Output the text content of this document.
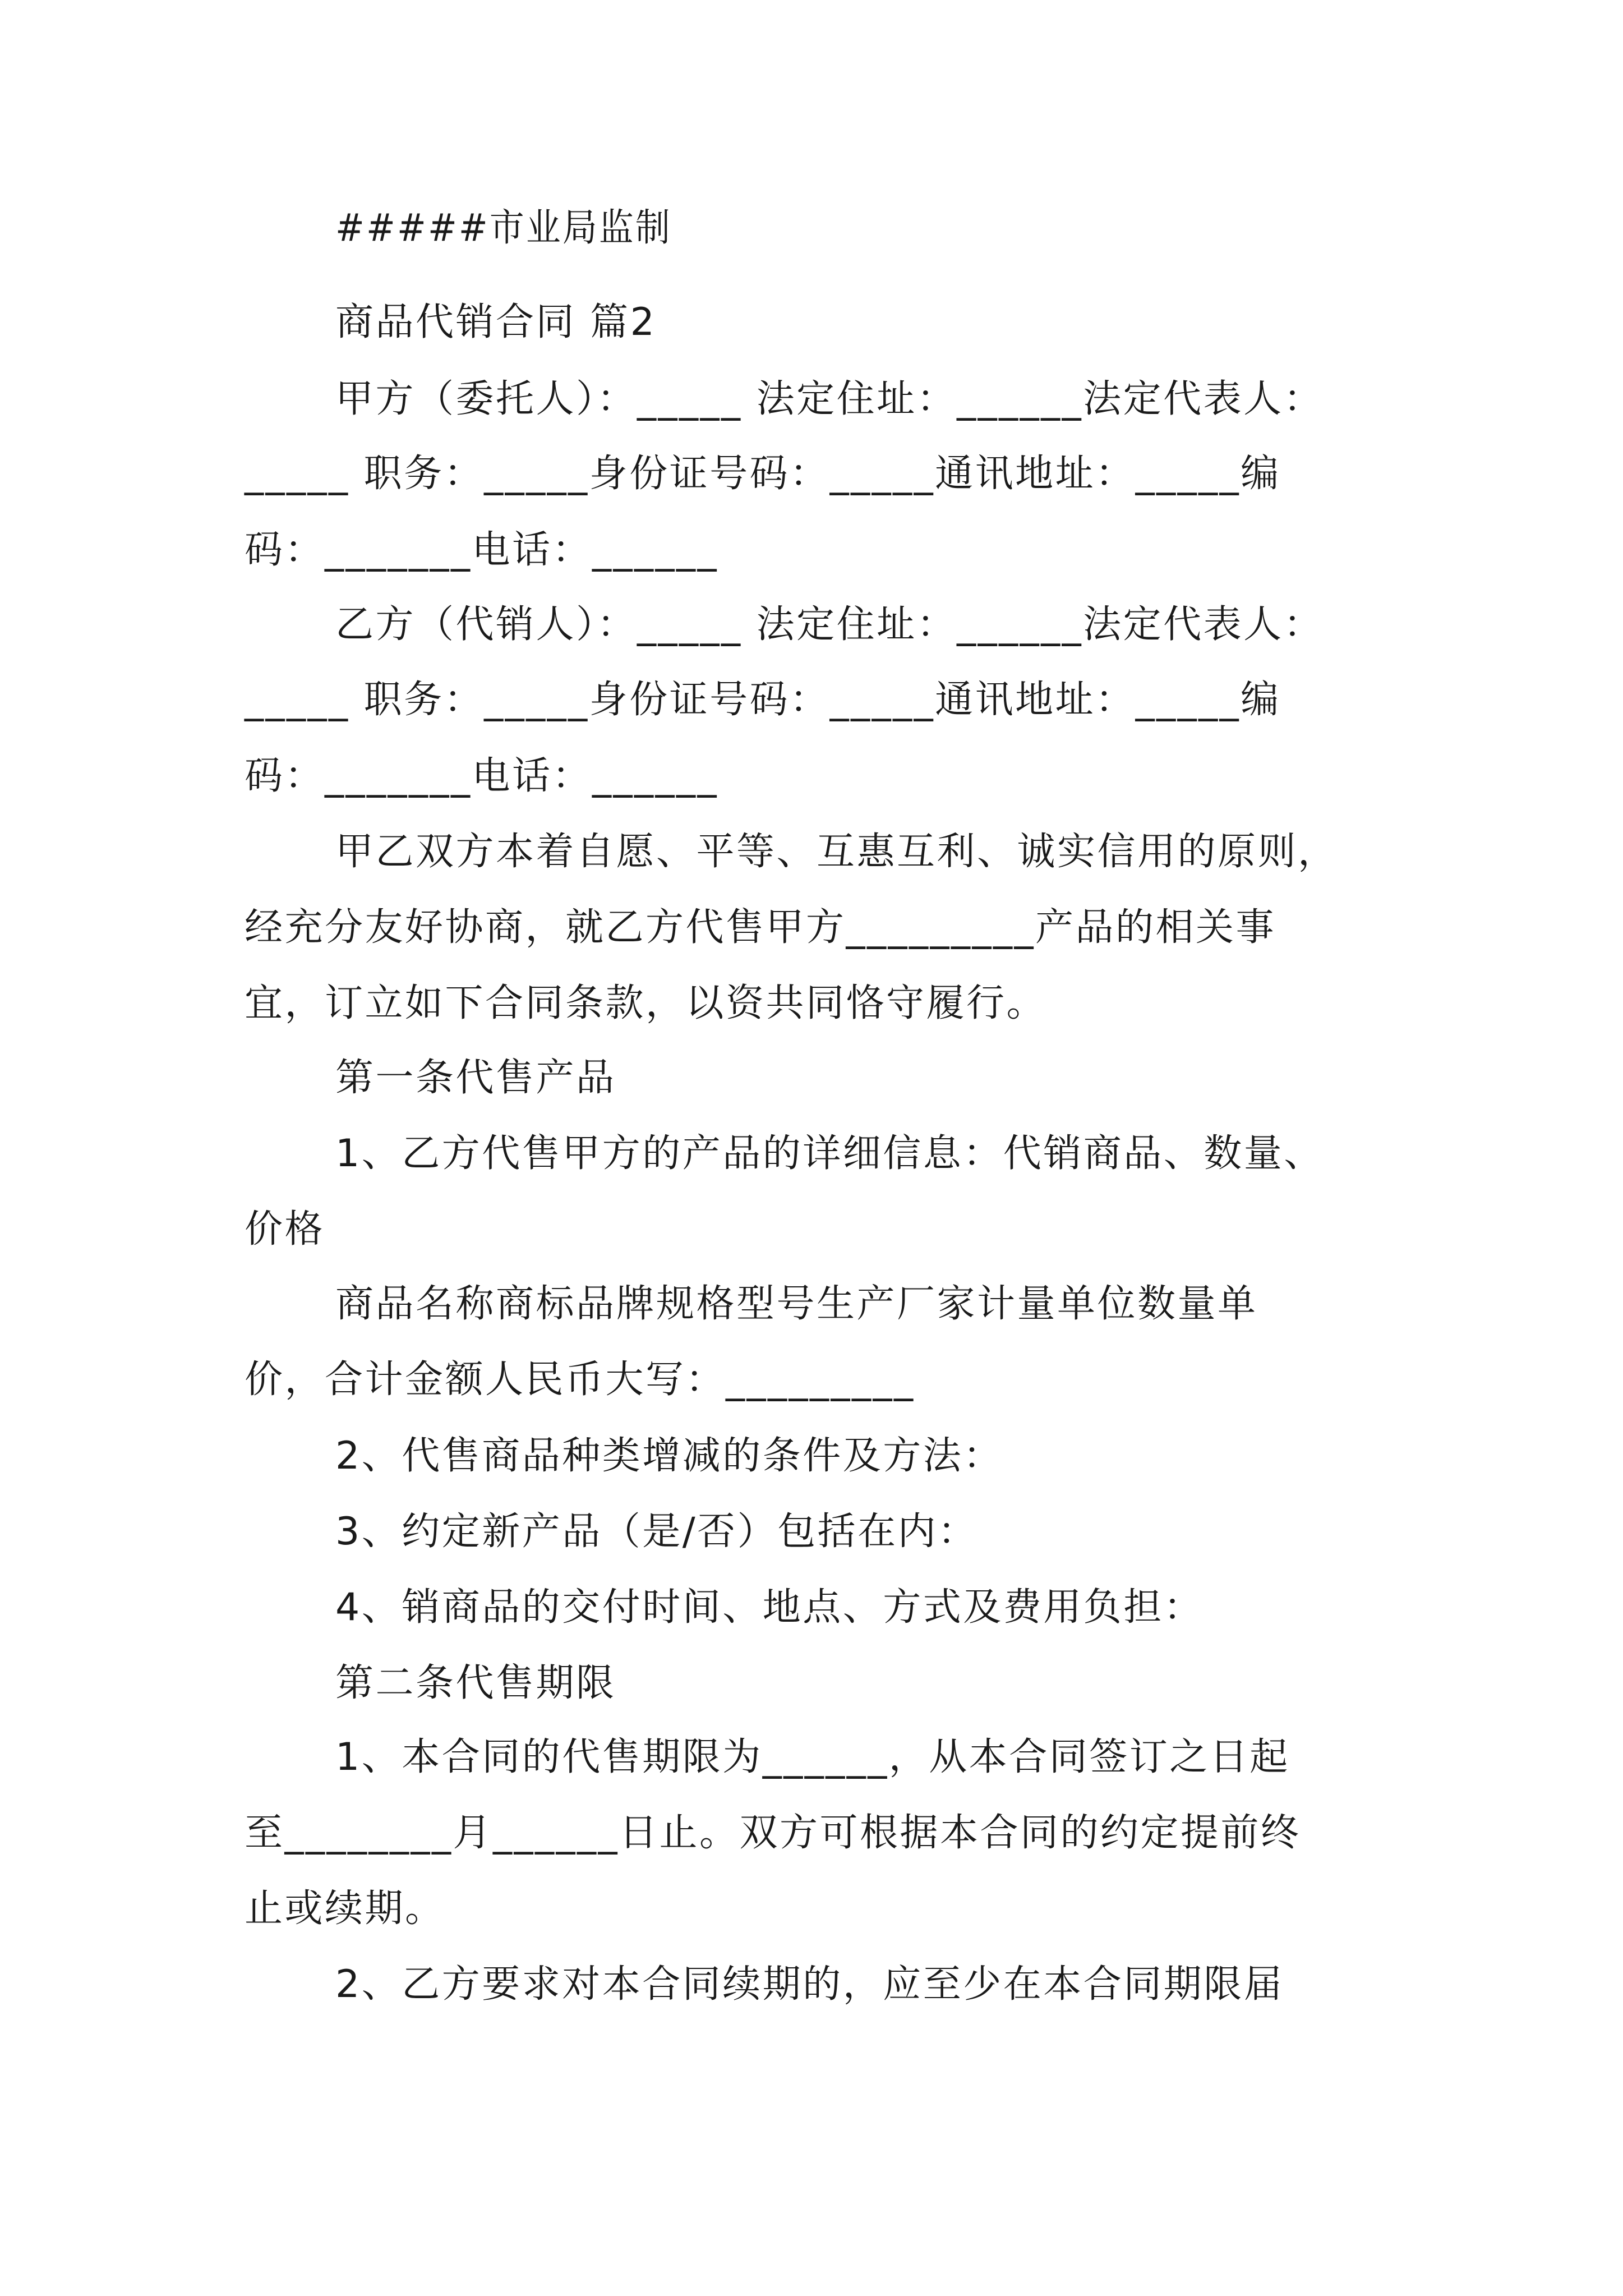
#####市业局监制
商品代销合同 篇2
甲方（委托人）：_____ 法定住址：______法定代表人：
_____ 职务：_____身份证号码：_____通讯地址：_____编
码：_______电话：______
乙方（代销人）：_____ 法定住址：______法定代表人：
_____ 职务：_____身份证号码：_____通讯地址：_____编
码：_______电话：______
甲乙双方本着自愿、平等、互惠互利、诚实信用的原则，
经充分友好协商，就乙方代售甲方_________产品的相关事
宜，订立如下合同条款，以资共同恪守履行。
第一条代售产品
1、乙方代售甲方的产品的详细信息：代销商品、数量、
价格
商品名称商标品牌规格型号生产厂家计量单位数量单
价，合计金额人民币大写：_________
2、代售商品种类增减的条件及方法：
3、约定新产品（是/否）包括在内：
4、销商品的交付时间、地点、方式及费用负担：
第二条代售期限
1、本合同的代售期限为______，从本合同签订之日起
至________月______日止。双方可根据本合同的约定提前终
止或续期。
2、乙方要求对本合同续期的，应至少在本合同期限届
